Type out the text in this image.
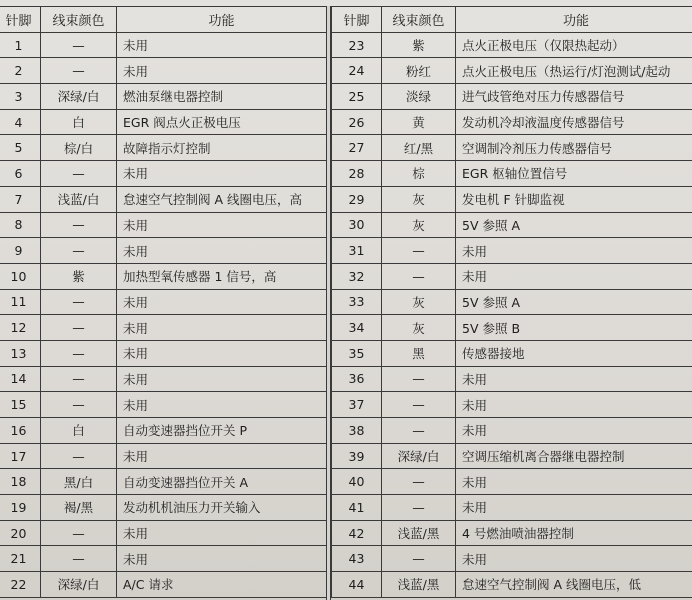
针脚	线束颜色	功能
1	—	未用
2	—	未用
3	深绿/白	燃油泵继电器控制
4	白	EGR 阀点火正极电压
5	棕/白	故障指示灯控制
6	—	未用
7	浅蓝/白	怠速空气控制阀 A 线圈电压，高
8	—	未用
9	—	未用
10	紫	加热型氧传感器 1 信号，高
11	—	未用
12	—	未用
13	—	未用
14	—	未用
15	—	未用
16	白	自动变速器挡位开关 P
17	—	未用
18	黑/白	自动变速器挡位开关 A
19	褐/黑	发动机机油压力开关输入
20	—	未用
21	—	未用
22	深绿/白	A/C 请求
针脚	线束颜色	功能
23	紫	点火正极电压（仅限热起动）
24	粉红	点火正极电压（热运行/灯泡测试/起动
25	淡绿	进气歧管绝对压力传感器信号
26	黄	发动机冷却液温度传感器信号
27	红/黑	空调制冷剂压力传感器信号
28	棕	EGR 枢轴位置信号
29	灰	发电机 F 针脚监视
30	灰	5V 参照 A
31	—	未用
32	—	未用
33	灰	5V 参照 A
34	灰	5V 参照 B
35	黑	传感器接地
36	—	未用
37	—	未用
38	—	未用
39	深绿/白	空调压缩机离合器继电器控制
40	—	未用
41	—	未用
42	浅蓝/黑	4 号燃油喷油器控制
43	—	未用
44	浅蓝/黑	怠速空气控制阀 A 线圈电压，低
